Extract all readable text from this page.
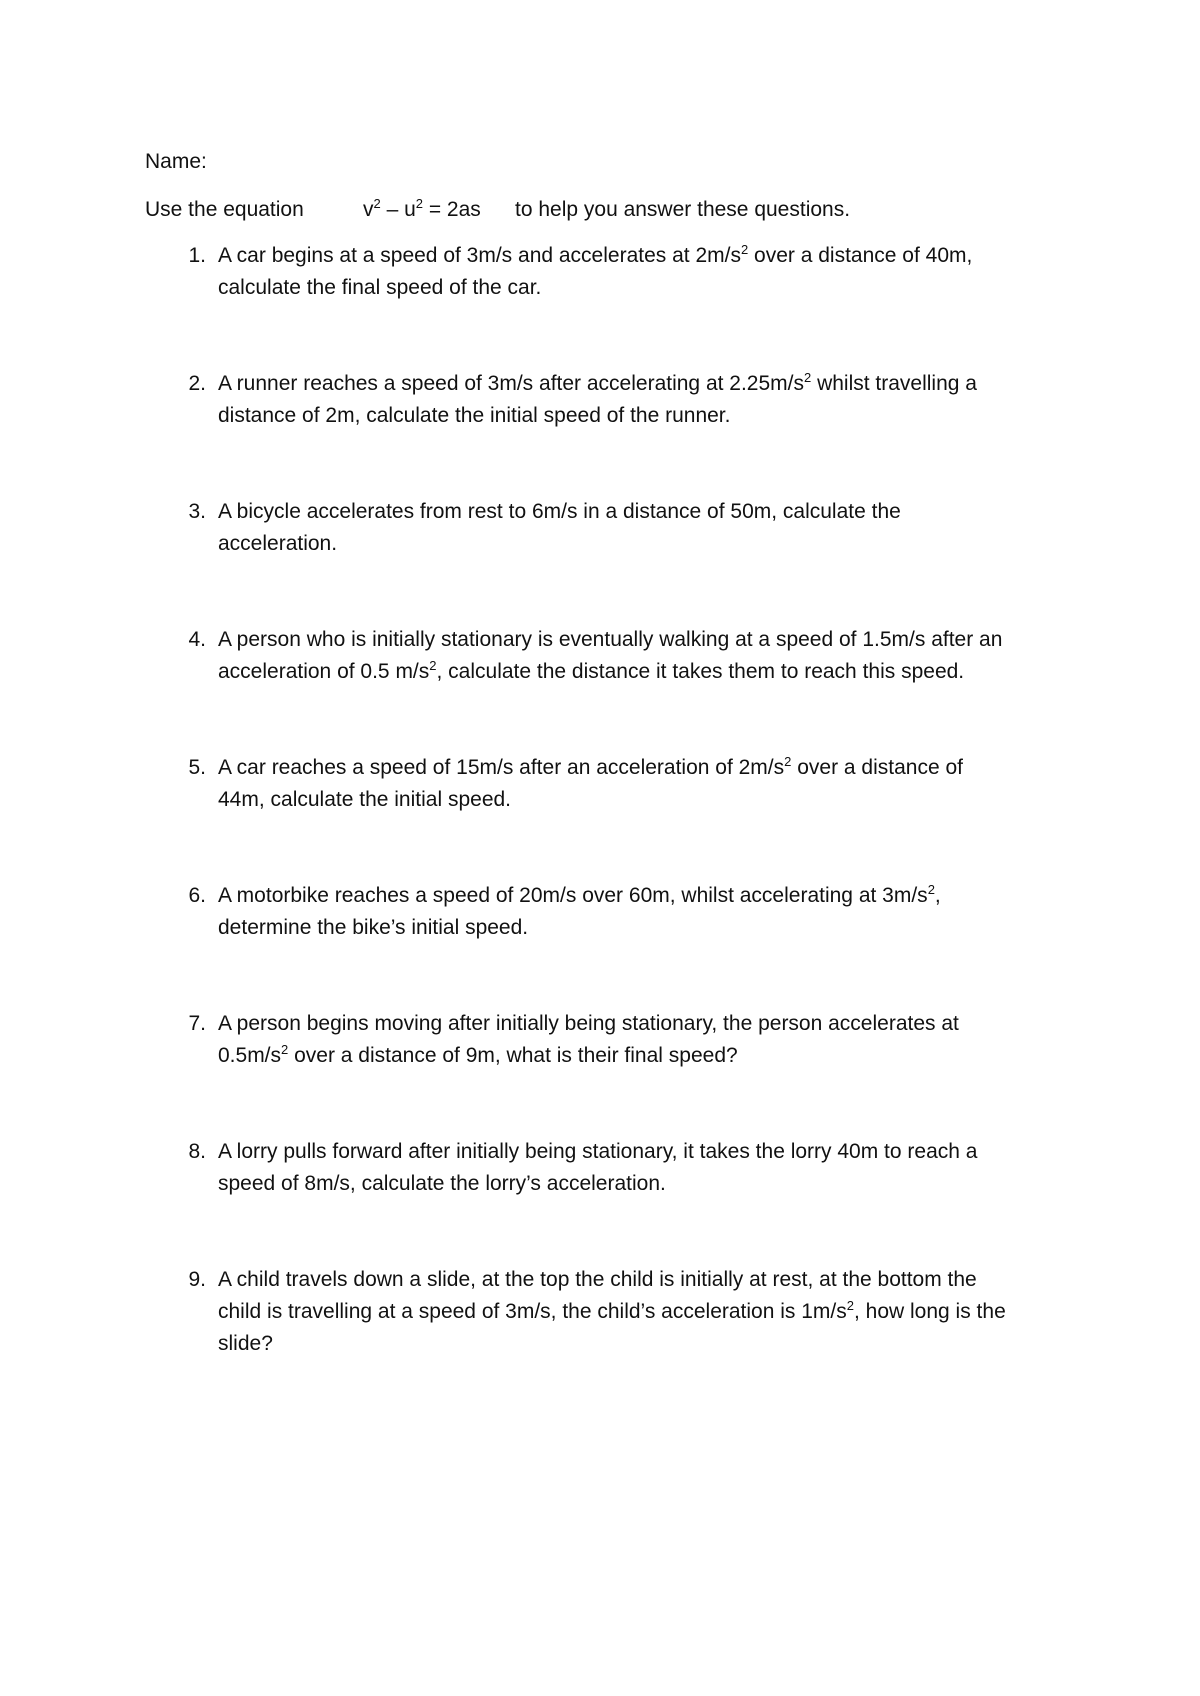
Name:
Use the equation	$v^2 - u^2 = 2as$ to help you answer these questions.
1. A car begins at a speed of 3m/s and accelerates at $2m/s^2$ over a distance of 40m,
calculate the final speed of the car.
2. A runner reaches a speed of 3m/s after accelerating at $2.25m/s^2$ whilst travelling a
distance of 2m, calculate the initial speed of the runner.
3. A bicycle accelerates from rest to 6m/s in a distance of 50m, calculate the
acceleration.
4. A person who is initially stationary is eventually walking at a speed of 1.5m/s after an
acceleration of 0.5 $m/s^2$, calculate the distance it takes them to reach this speed.
5. A car reaches a speed of 15m/s after an acceleration of $2m/s^2$ over a distance of
44m, calculate the initial speed.
6. A motorbike reaches a speed of 20m/s over 60m, whilst accelerating at $3m/s^2$,
determine the bike’s initial speed.
7. A person begins moving after initially being stationary, the person accelerates at
$0.5m/s^2$ over a distance of 9m, what is their final speed?
8. A lorry pulls forward after initially being stationary, it takes the lorry 40m to reach a
speed of 8m/s, calculate the lorry’s acceleration.
9. A child travels down a slide, at the top the child is initially at rest, at the bottom the
child is travelling at a speed of 3m/s, the child’s acceleration is $1m/s^2$, how long is the
slide?
